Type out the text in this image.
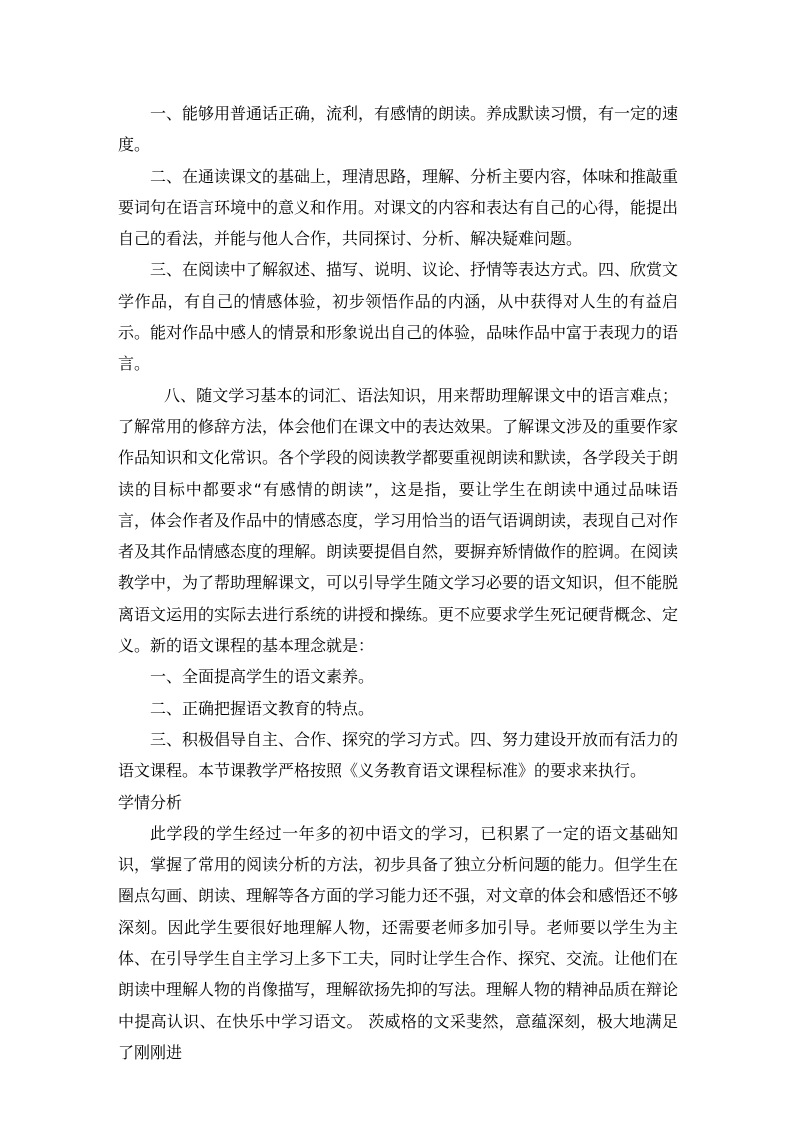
一、能够用普通话正确，流利，有感情的朗读。养成默读习惯，有一定的速度。

二、在通读课文的基础上，理清思路，理解、分析主要内容，体味和推敲重要词句在语言环境中的意义和作用。对课文的内容和表达有自己的心得，能提出自己的看法，并能与他人合作，共同探讨、分析、解决疑难问题。

三、在阅读中了解叙述、描写、说明、议论、抒情等表达方式。四、欣赏文学作品，有自己的情感体验，初步领悟作品的内涵，从中获得对人生的有益启示。能对作品中感人的情景和形象说出自己的体验，品味作品中富于表现力的语言。

八、随文学习基本的词汇、语法知识，用来帮助理解课文中的语言难点；了解常用的修辞方法，体会他们在课文中的表达效果。了解课文涉及的重要作家作品知识和文化常识。各个学段的阅读教学都要重视朗读和默读，各学段关于朗读的目标中都要求“有感情的朗读”，这是指，要让学生在朗读中通过品味语言，体会作者及作品中的情感态度，学习用恰当的语气语调朗读，表现自己对作者及其作品情感态度的理解。朗读要提倡自然，要摒弃矫情做作的腔调。在阅读教学中，为了帮助理解课文，可以引导学生随文学习必要的语文知识，但不能脱离语文运用的实际去进行系统的讲授和操练。更不应要求学生死记硬背概念、定义。新的语文课程的基本理念就是：

一、全面提高学生的语文素养。

二、正确把握语文教育的特点。

三、积极倡导自主、合作、探究的学习方式。四、努力建设开放而有活力的语文课程。本节课教学严格按照《义务教育语文课程标准》的要求来执行。

学情分析

此学段的学生经过一年多的初中语文的学习，已积累了一定的语文基础知识，掌握了常用的阅读分析的方法，初步具备了独立分析问题的能力。但学生在圈点勾画、朗读、理解等各方面的学习能力还不强，对文章的体会和感悟还不够深刻。因此学生要很好地理解人物，还需要老师多加引导。老师要以学生为主体、在引导学生自主学习上多下工夫，同时让学生合作、探究、交流。让他们在朗读中理解人物的肖像描写，理解欲扬先抑的写法。理解人物的精神品质在辩论中提高认识、在快乐中学习语文。 茨威格的文采斐然，意蕴深刻，极大地满足了刚刚进
